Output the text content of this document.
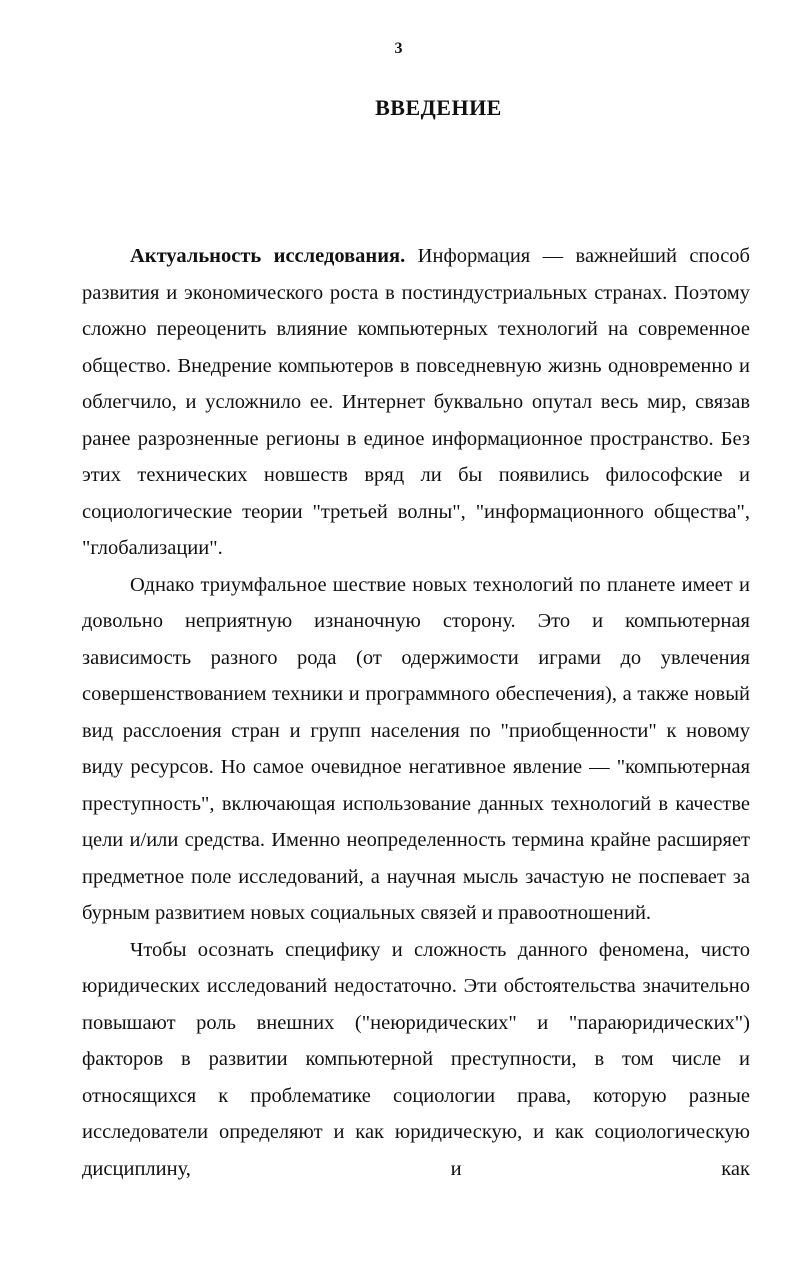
3
ВВЕДЕНИЕ

Актуальность исследования. Информация — важнейший способ развития и экономического роста в постиндустриальных странах. Поэтому сложно переоценить влияние компьютерных технологий на современное общество. Внедрение компьютеров в повседневную жизнь одновременно и облегчило, и усложнило ее. Интернет буквально опутал весь мир, связав ранее разрозненные регионы в единое информационное пространство. Без этих технических новшеств вряд ли бы появились философские и социологические теории "третьей волны", "информационного общества", "глобализации".

Однако триумфальное шествие новых технологий по планете имеет и довольно неприятную изнаночную сторону. Это и компьютерная зависимость разного рода (от одержимости играми до увлечения совершенствованием техники и программного обеспечения), а также новый вид расслоения стран и групп населения по "приобщенности" к новому виду ресурсов. Но самое очевидное негативное явление — "компьютерная преступность", включающая использование данных технологий в качестве цели и/или средства. Именно неопределенность термина крайне расширяет предметное поле исследований, а научная мысль зачастую не поспевает за бурным развитием новых социальных связей и правоотношений.

Чтобы осознать специфику и сложность данного феномена, чисто юридических исследований недостаточно. Эти обстоятельства значительно повышают роль внешних ("неюридических" и "параюридических") факторов в развитии компьютерной преступности, в том числе и относящихся к проблематике социологии права, которую разные исследователи определяют и как юридическую, и как социологическую дисциплину, и как
